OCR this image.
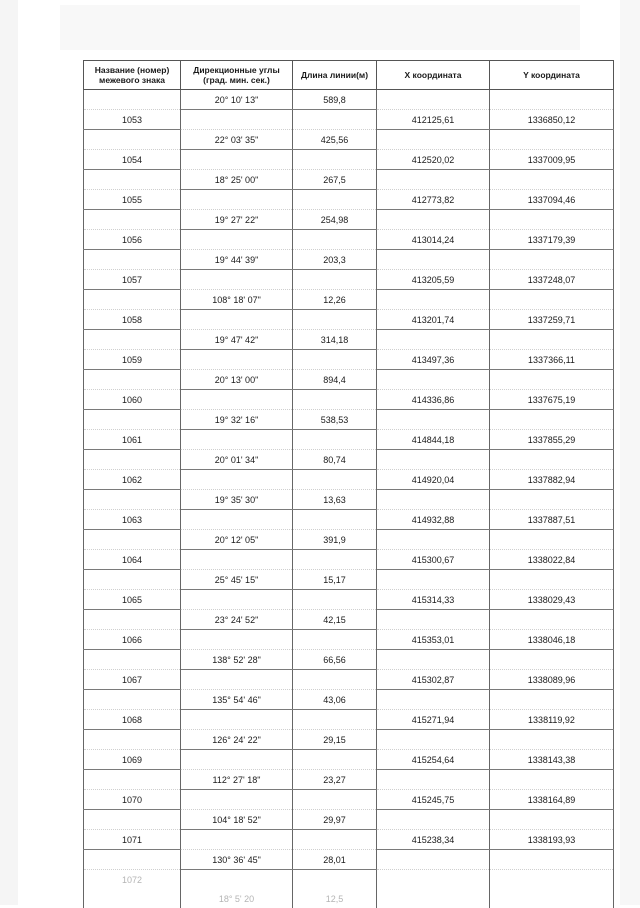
Название (номер) межевого знака	Дирекционные углы (град. мин. сек.)	Длина линии(м)	X координата	Y координата
	20° 10' 13"	589,8		
1053			412125,61	1336850,12
	22° 03' 35"	425,56		
1054			412520,02	1337009,95
	18° 25' 00"	267,5		
1055			412773,82	1337094,46
	19° 27' 22"	254,98		
1056			413014,24	1337179,39
	19° 44' 39"	203,3		
1057			413205,59	1337248,07
	108° 18' 07"	12,26		
1058			413201,74	1337259,71
	19° 47' 42"	314,18		
1059			413497,36	1337366,11
	20° 13' 00"	894,4		
1060			414336,86	1337675,19
	19° 32' 16"	538,53		
1061			414844,18	1337855,29
	20° 01' 34"	80,74		
1062			414920,04	1337882,94
	19° 35' 30"	13,63		
1063			414932,88	1337887,51
	20° 12' 05"	391,9		
1064			415300,67	1338022,84
	25° 45' 15"	15,17		
1065			415314,33	1338029,43
	23° 24' 52"	42,15		
1066			415353,01	1338046,18
	138° 52' 28"	66,56		
1067			415302,87	1338089,96
	135° 54' 46"	43,06		
1068			415271,94	1338119,92
	126° 24' 22"	29,15		
1069			415254,64	1338143,38
	112° 27' 18"	23,27		
1070			415245,75	1338164,89
	104° 18' 52"	29,97		
1071			415238,34	1338193,93
	130° 36' 45"	28,01		
1072				
	18° 5' 20	12,5		
